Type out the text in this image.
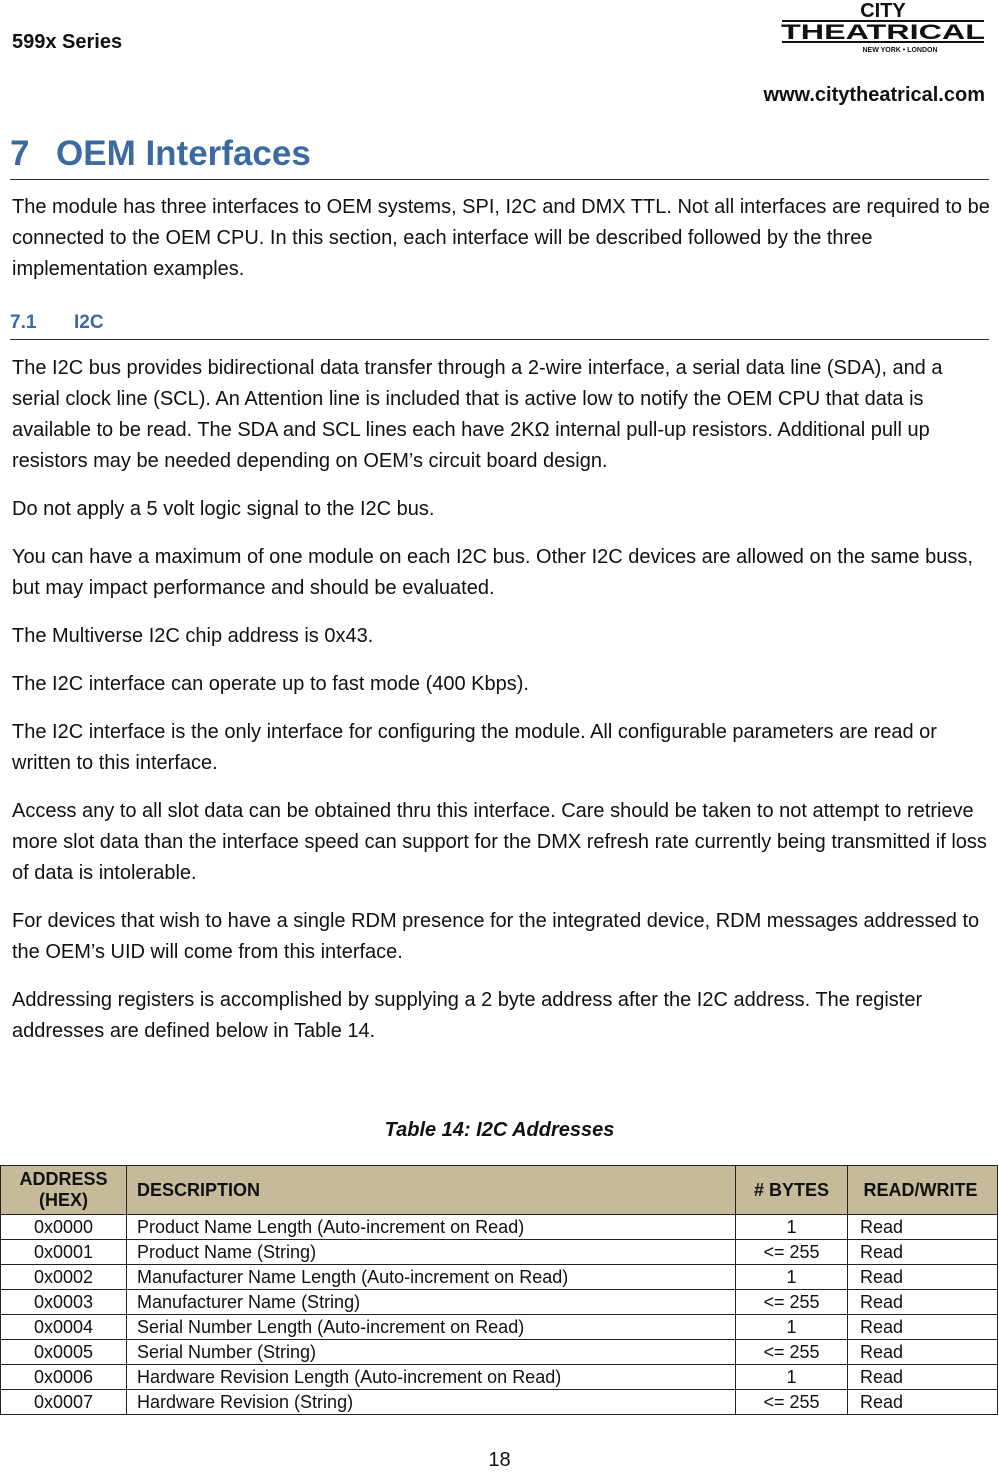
599x Series
CITY
THEATRICAL
NEW YORK • LONDON
www.citytheatrical.com
7 OEM Interfaces
The module has three interfaces to OEM systems, SPI, I2C and DMX TTL. Not all interfaces are required to be connected to the OEM CPU. In this section, each interface will be described followed by the three implementation examples.
7.1 I2C

The I2C bus provides bidirectional data transfer through a 2-wire interface, a serial data line (SDA), and a serial clock line (SCL). An Attention line is included that is active low to notify the OEM CPU that data is available to be read. The SDA and SCL lines each have 2KΩ internal pull-up resistors. Additional pull up resistors may be needed depending on OEM’s circuit board design.

Do not apply a 5 volt logic signal to the I2C bus.

You can have a maximum of one module on each I2C bus. Other I2C devices are allowed on the same buss, but may impact performance and should be evaluated.

The Multiverse I2C chip address is 0x43.

The I2C interface can operate up to fast mode (400 Kbps).

The I2C interface is the only interface for configuring the module. All configurable parameters are read or written to this interface.

Access any to all slot data can be obtained thru this interface. Care should be taken to not attempt to retrieve more slot data than the interface speed can support for the DMX refresh rate currently being transmitted if loss of data is intolerable.

For devices that wish to have a single RDM presence for the integrated device, RDM messages addressed to the OEM’s UID will come from this interface.

Addressing registers is accomplished by supplying a 2 byte address after the I2C address. The register addresses are defined below in Table 14.

Table 14: I2C Addresses
ADDRESS (HEX)	DESCRIPTION	# BYTES	READ/WRITE
0x0000	Product Name Length (Auto-increment on Read)	1	Read
0x0001	Product Name (String)	<= 255	Read
0x0002	Manufacturer Name Length (Auto-increment on Read)	1	Read
0x0003	Manufacturer Name (String)	<= 255	Read
0x0004	Serial Number Length (Auto-increment on Read)	1	Read
0x0005	Serial Number (String)	<= 255	Read
0x0006	Hardware Revision Length (Auto-increment on Read)	1	Read
0x0007	Hardware Revision (String)	<= 255	Read
18
